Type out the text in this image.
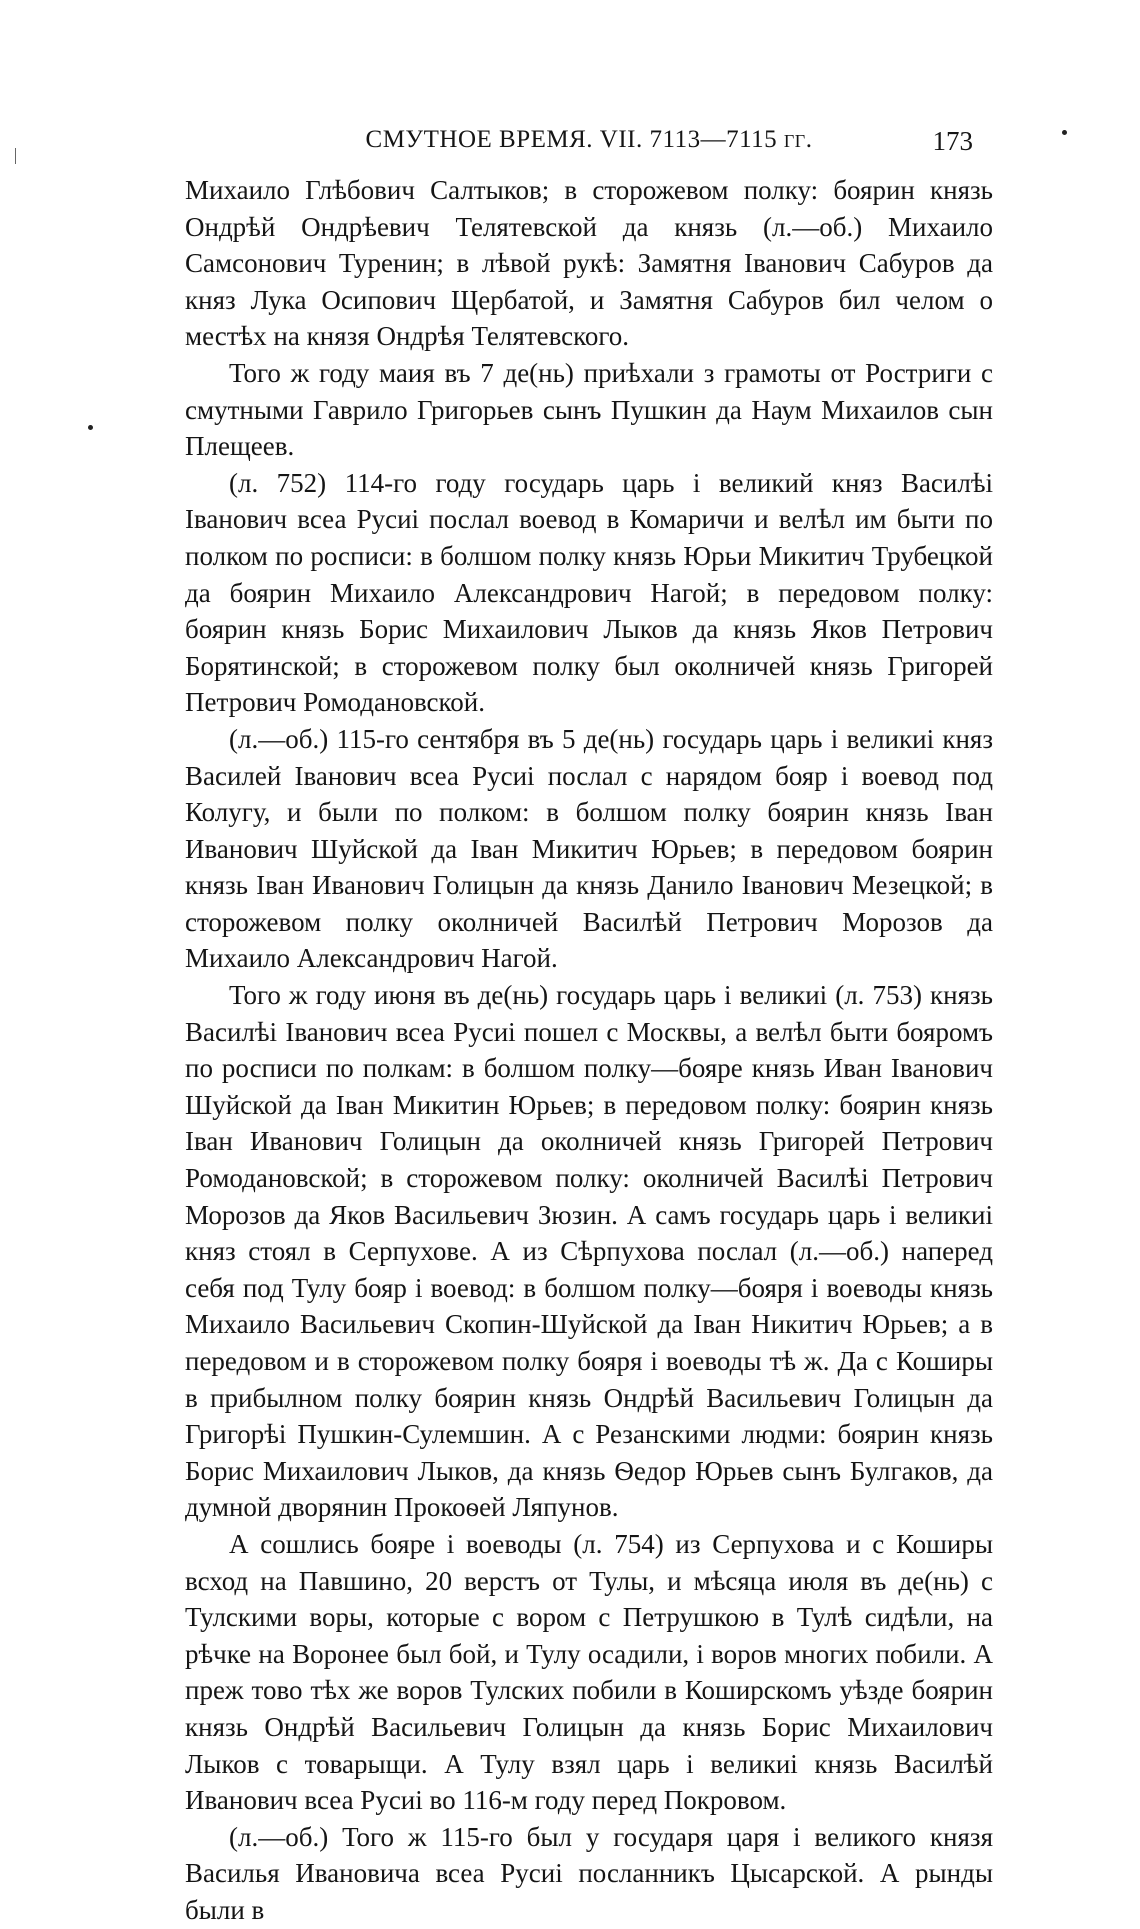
СМУТНОЕ ВРЕМЯ. VII. 7113—7115 гг.	173

Михаило Глѣбович Салтыков; в сторожевом полку: боярин князь Ондрѣй Ондрѣевич Телятевской да князь (л.—об.) Михаило Самсонович Туренин; в лѣвой рукѣ: Замятня Іванович Сабуров да княз Лука Осипович Щербатой, и Замятня Сабуров бил челом о местѣх на князя Ондрѣя Телятевского.

Того ж году маия въ 7 де(нь) приѣхали з грамоты от Ростриги с смутными Гаврило Григорьев сынъ Пушкин да Наум Михаилов сын Плещеев.

(л. 752) 114-го году государь царь і великий княз Василѣі Іванович всеа Русиі послал воевод в Комаричи и велѣл им быти по полком по росписи: в болшом полку князь Юрьи Микитич Трубецкой да боярин Михаило Александрович Нагой; в передовом полку: боярин князь Борис Михаилович Лыков да князь Яков Петрович Борятинской; в сторожевом полку был околничей князь Григорей Петрович Ромодановской.

(л.—об.) 115-го сентября въ 5 де(нь) государь царь і великиі княз Василей Іванович всеа Русиі послал с нарядом бояр і воевод под Колугу, и были по полком: в болшом полку боярин князь Іван Иванович Шуйской да Іван Микитич Юрьев; в передовом боярин князь Іван Иванович Голицын да князь Данило Іванович Мезецкой; в сторожевом полку околничей Василѣй Петрович Морозов да Михаило Александрович Нагой.

Того ж году июня въ де(нь) государь царь і великиі (л. 753) князь Василѣі Іванович всеа Русиі пошел с Москвы, а велѣл быти бояромъ по росписи по полкам: в болшом полку—бояре князь Иван Іванович Шуйской да Іван Микитин Юрьев; в передовом полку: боярин князь Іван Иванович Голицын да околничей князь Григорей Петрович Ромодановской; в сторожевом полку: околничей Василѣі Петрович Морозов да Яков Васильевич Зюзин. А самъ государь царь і великиі княз стоял в Серпухове. А из Сѣрпухова послал (л.—об.) наперед себя под Тулу бояр і воевод: в болшом полку—бояря і воеводы князь Михаило Васильевич Скопин-Шуйской да Іван Никитич Юрьев; а в передовом и в сторожевом полку бояря і воеводы тѣ ж. Да с Коширы в прибылном полку боярин князь Ондрѣй Васильевич Голицын да Григорѣі Пушкин-Сулемшин. А с Резанскими людми: боярин князь Борис Михаилович Лыков, да князь Ѳедор Юрьев сынъ Булгаков, да думной дворянин Прокоѳей Ляпунов.

А сошлись бояре і воеводы (л. 754) из Серпухова и с Коширы всход на Павшино, 20 верстъ от Тулы, и мѣсяца июля въ де(нь) с Тулскими воры, которые с вором с Петрушкою в Тулѣ сидѣли, на рѣчке на Воронее был бой, и Тулу осадили, і воров многих побили. А преж тово тѣх же воров Тулских побили в Коширскомъ уѣзде боярин князь Ондрѣй Васильевич Голицын да князь Борис Михаилович Лыков с товарыщи. А Тулу взял царь і великиі князь Василѣй Иванович всеа Русиі во 116-м году перед Покровом.

(л.—об.) Того ж 115-го был у государя царя і великого князя Василья Ивановича всеа Русиі посланникъ Цысарской. А рынды были в
